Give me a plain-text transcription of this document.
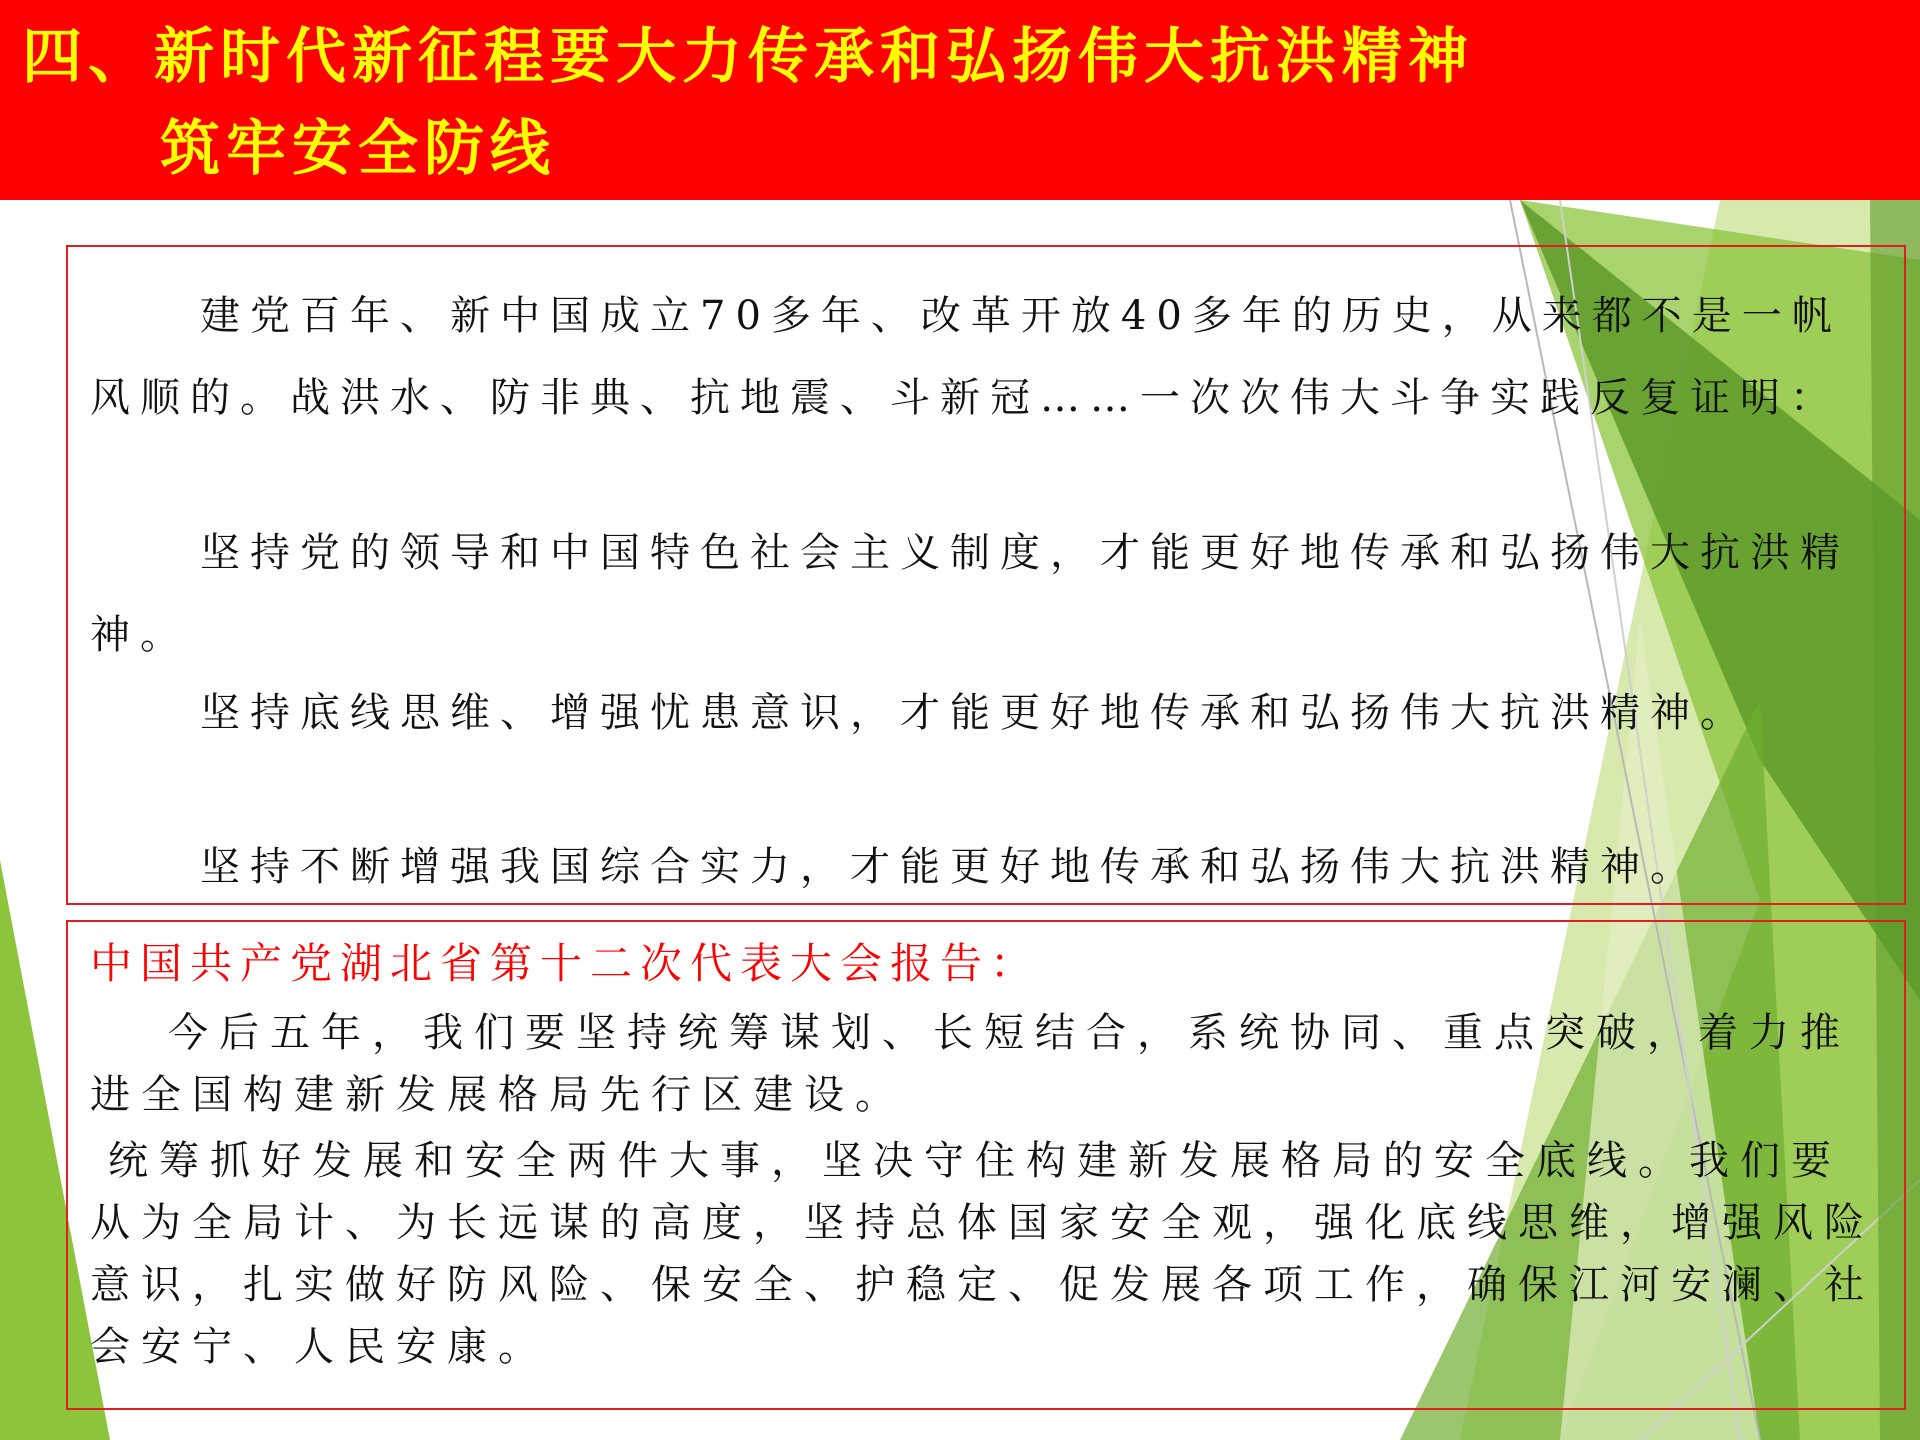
四、新时代新征程要大力传承和弘扬伟大抗洪精神
筑牢安全防线

建党百年、新中国成立70多年、改革开放40多年的历史，从来都不是一帆风顺的。战洪水、防非典、抗地震、斗新冠……一次次伟大斗争实践反复证明：

坚持党的领导和中国特色社会主义制度，才能更好地传承和弘扬伟大抗洪精神。

坚持底线思维、增强忧患意识，才能更好地传承和弘扬伟大抗洪精神。

坚持不断增强我国综合实力，才能更好地传承和弘扬伟大抗洪精神。

中国共产党湖北省第十二次代表大会报告：

今后五年，我们要坚持统筹谋划、长短结合，系统协同、重点突破，着力推进全国构建新发展格局先行区建设。

统筹抓好发展和安全两件大事，坚决守住构建新发展格局的安全底线。我们要从为全局计、为长远谋的高度，坚持总体国家安全观，强化底线思维，增强风险意识，扎实做好防风险、保安全、护稳定、促发展各项工作，确保江河安澜、社会安宁、人民安康。
